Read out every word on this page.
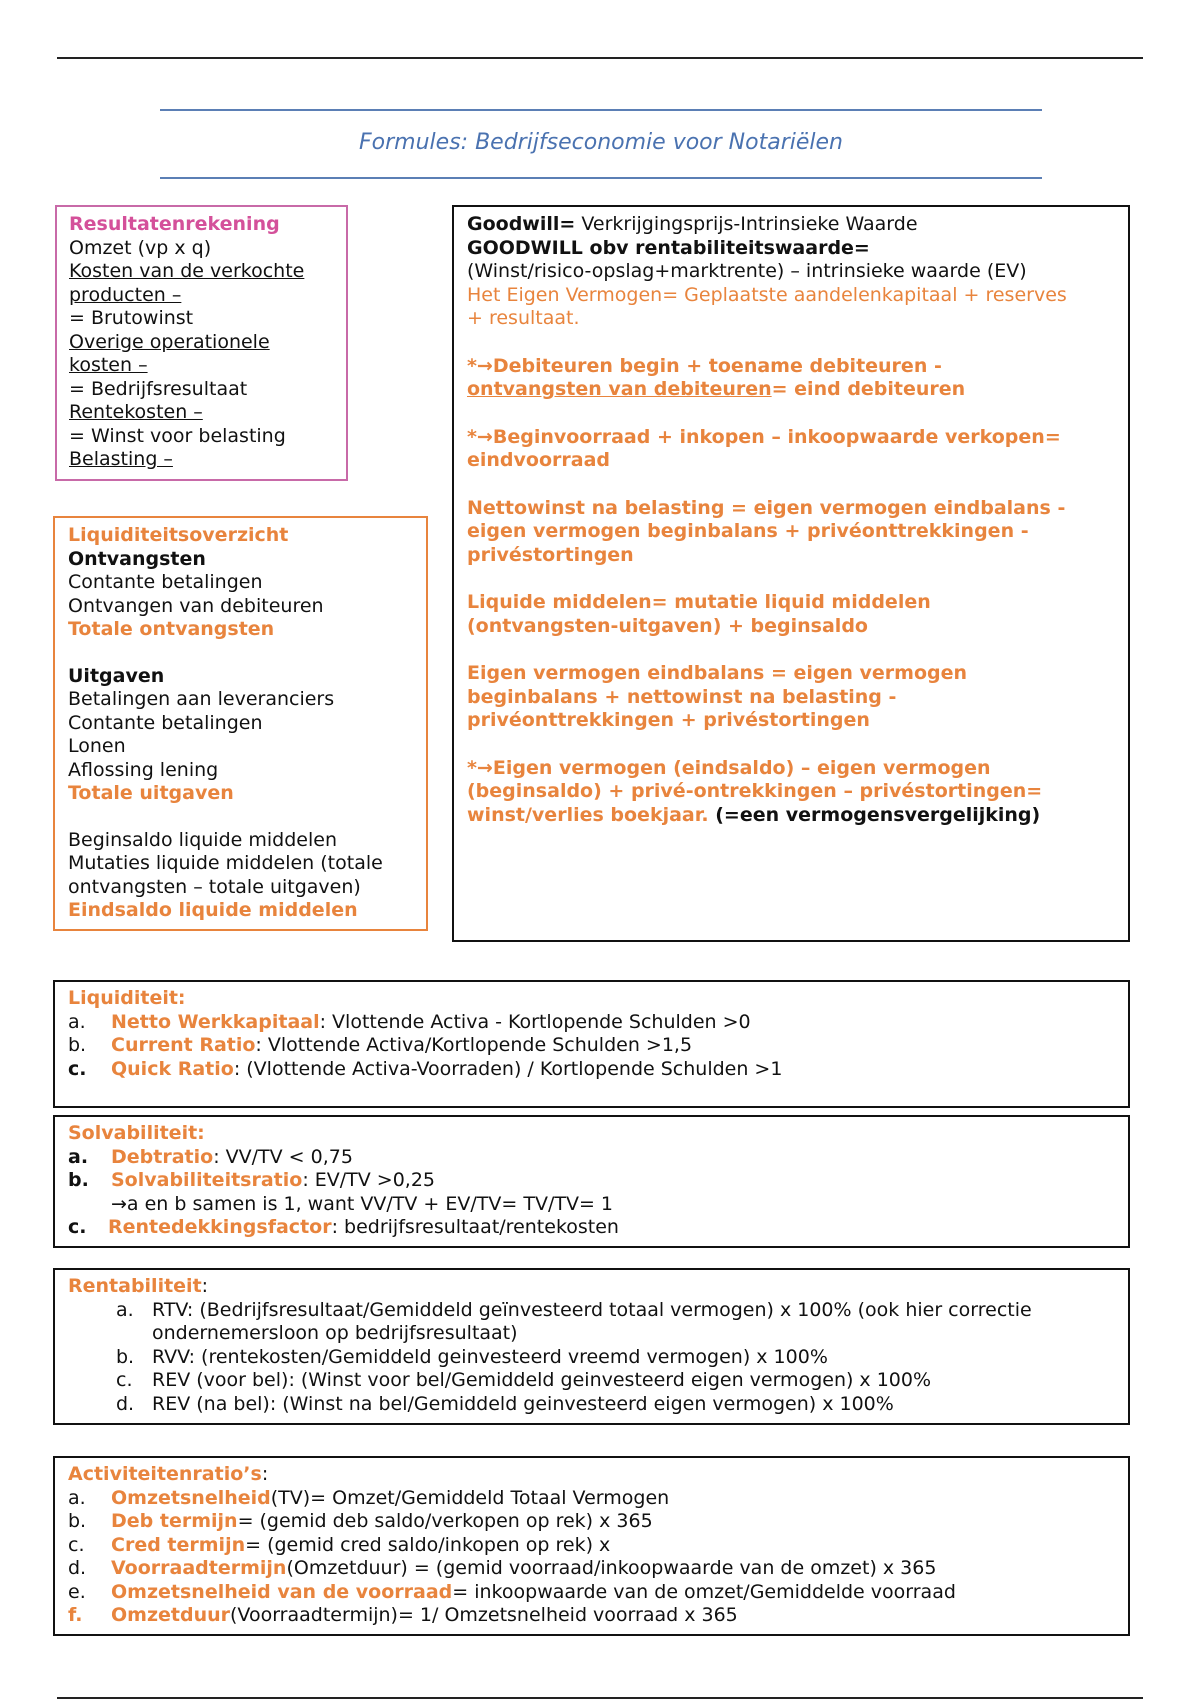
Formules: Bedrijfseconomie voor Notariëlen
Resultatenrekening
Omzet (vp x q)
Kosten van de verkochte
producten –
= Brutowinst
Overige operationele
kosten –
= Bedrijfsresultaat
Rentekosten –
= Winst voor belasting
Belasting –
Liquiditeitsoverzicht
Ontvangsten
Contante betalingen
Ontvangen van debiteuren
Totale ontvangsten
Uitgaven
Betalingen aan leveranciers
Contante betalingen
Lonen
Aflossing lening
Totale uitgaven
Beginsaldo liquide middelen
Mutaties liquide middelen (totale
ontvangsten – totale uitgaven)
Eindsaldo liquide middelen
Goodwill= Verkrijgingsprijs-Intrinsieke Waarde
GOODWILL obv rentabiliteitswaarde=
(Winst/risico-opslag+marktrente) – intrinsieke waarde (EV)
Het Eigen Vermogen= Geplaatste aandelenkapitaal + reserves
+ resultaat.
*→Debiteuren begin + toename debiteuren -
ontvangsten van debiteuren= eind debiteuren
*→Beginvoorraad + inkopen – inkoopwaarde verkopen=
eindvoorraad
Nettowinst na belasting = eigen vermogen eindbalans -
eigen vermogen beginbalans + privéonttrekkingen -
privéstortingen
Liquide middelen= mutatie liquid middelen
(ontvangsten-uitgaven) + beginsaldo
Eigen vermogen eindbalans = eigen vermogen
beginbalans + nettowinst na belasting -
privéonttrekkingen + privéstortingen
*→Eigen vermogen (eindsaldo) – eigen vermogen
(beginsaldo) + privé-ontrekkingen – privéstortingen=
winst/verlies boekjaar. (=een vermogensvergelijking)
Liquiditeit:
a.	Netto Werkkapitaal : Vlottende Activa - Kortlopende Schulden >0
b.	Current Ratio : Vlottende Activa/Kortlopende Schulden >1,5
c.	Quick Ratio : (Vlottende Activa-Voorraden) / Kortlopende Schulden >1
Solvabiliteit:
a.	Debtratio : VV/TV < 0,75
b.	Solvabiliteitsratio : EV/TV >0,25
→a en b samen is 1, want VV/TV + EV/TV= TV/TV= 1
c.	Rentedekkingsfactor : bedrijfsresultaat/rentekosten
Rentabiliteit:
a. RTV: (Bedrijfsresultaat/Gemiddeld geïnvesteerd totaal vermogen) x 100% (ook hier correctie
ondernemersloon op bedrijfsresultaat)
b. RVV: (rentekosten/Gemiddeld geinvesteerd vreemd vermogen) x 100%
c.	REV (voor bel): (Winst voor bel/Gemiddeld geinvesteerd eigen vermogen) x 100%
d. REV (na bel): (Winst na bel/Gemiddeld geinvesteerd eigen vermogen) x 100%
Activiteitenratio’s:
a.	Omzetsnelheid (TV)= Omzet/Gemiddeld Totaal Vermogen
b.	Deb termijn = (gemid deb saldo/verkopen op rek) x 365
c.	Cred termijn = (gemid cred saldo/inkopen op rek) x
d.	Voorraadtermijn (Omzetduur) = (gemid voorraad/inkoopwaarde van de omzet) x 365
e.	Omzetsnelheid van de voorraad = inkoopwaarde van de omzet/Gemiddelde voorraad
f.	Omzetduur (Voorraadtermijn)= 1/ Omzetsnelheid voorraad x 365
